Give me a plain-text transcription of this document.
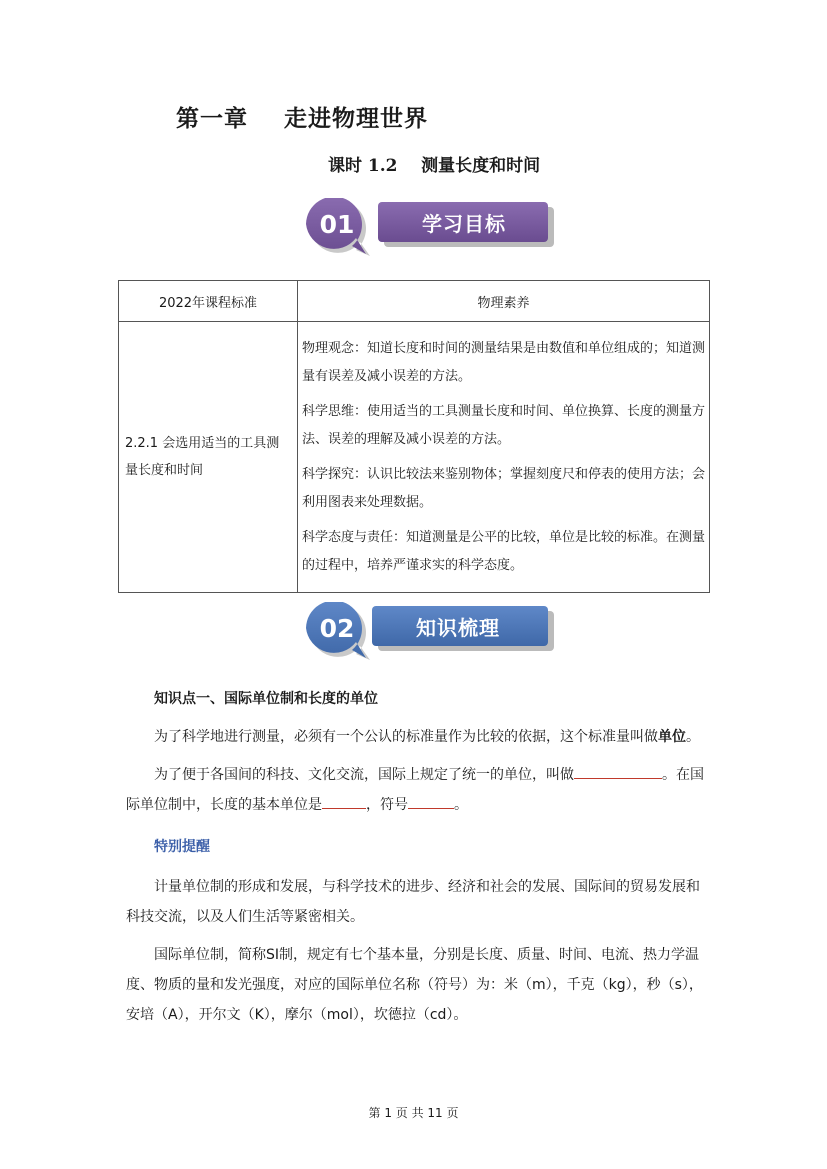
第一章    走进物理世界
课时 1.2    测量长度和时间
01	学习目标
2022年课程标准	物理素养
2.2.1 会选用适当的工具测量长度和时间	物理观念：知道长度和时间的测量结果是由数值和单位组成的；知道测量有误差及减小误差的方法。

科学思维：使用适当的工具测量长度和时间、单位换算、长度的测量方法、误差的理解及减小误差的方法。

科学探究：认识比较法来鉴别物体；掌握刻度尺和停表的使用方法；会利用图表来处理数据。

科学态度与责任：知道测量是公平的比较，单位是比较的标准。在测量的过程中，培养严谨求实的科学态度。

02	知识梳理
知识点一、国际单位制和长度的单位
为了科学地进行测量，必须有一个公认的标准量作为比较的依据，这个标准量叫做单位。
为了便于各国间的科技、文化交流，国际上规定了统一的单位，叫做	。在国际单位制中，长度的基本单位是	，符号	。
特别提醒
计量单位制的形成和发展，与科学技术的进步、经济和社会的发展、国际间的贸易发展和科技交流，以及人们生活等紧密相关。
国际单位制，简称SI制，规定有七个基本量，分别是长度、质量、时间、电流、热力学温度、物质的量和发光强度，对应的国际单位名称（符号）为：米（m），千克（kg），秒（s），安培（A），开尔文（K），摩尔（mol），坎德拉（cd）。
第 1 页 共 11 页
